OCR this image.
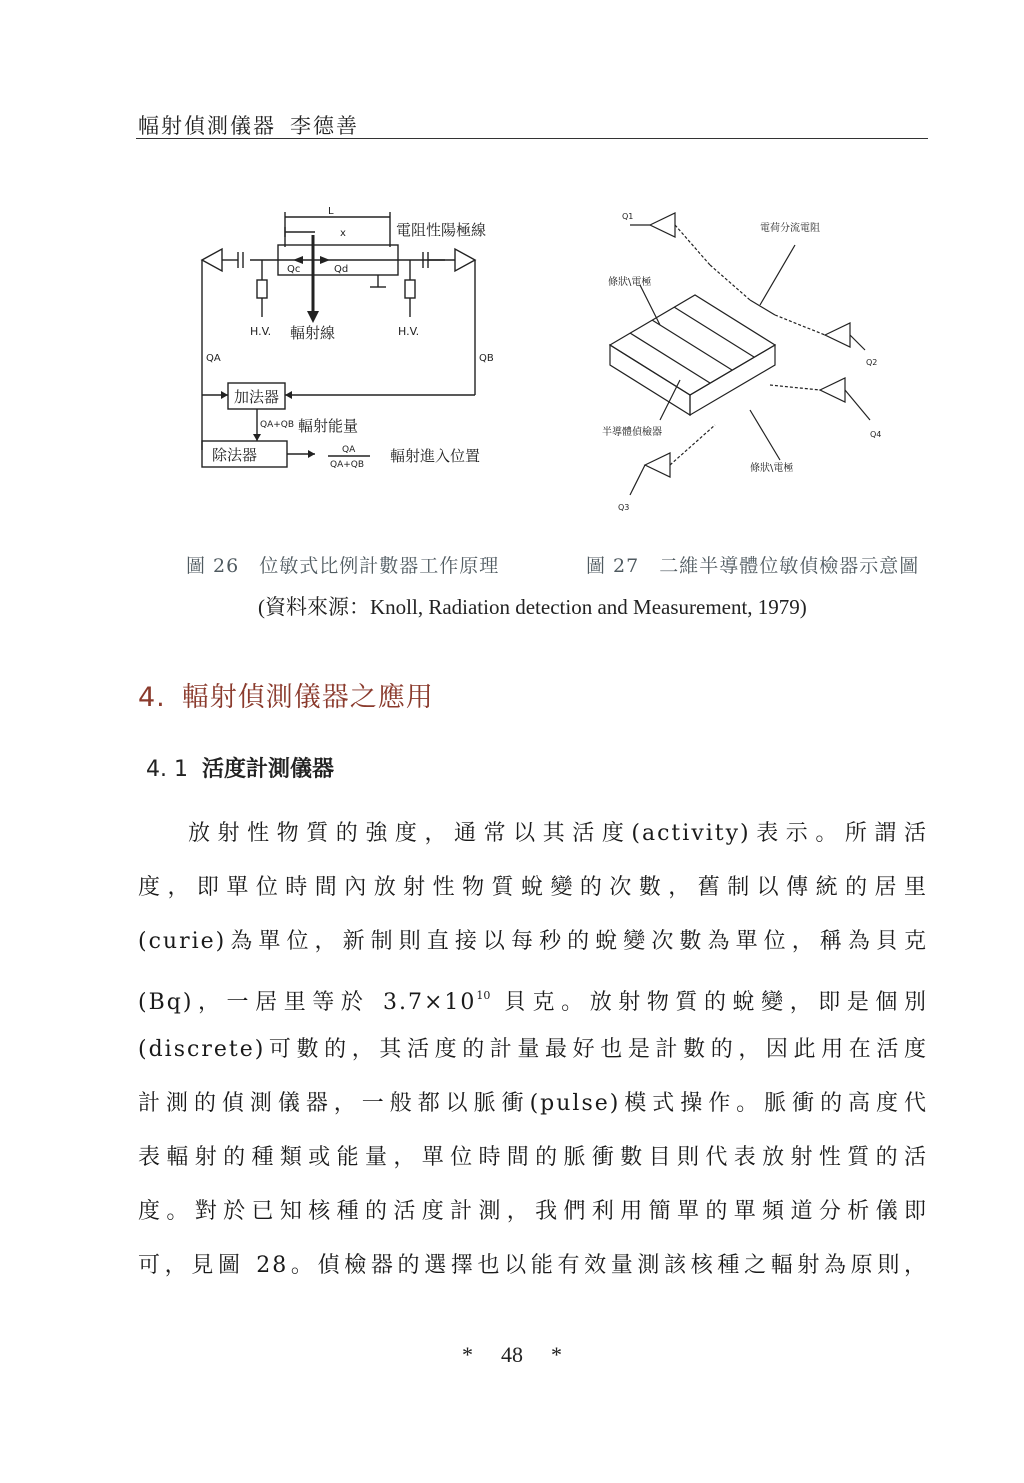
幅射偵測儀器 李德善
L
x	電阻性陽極線
Qc	Qd
H.V.	H.V.
輻射線
QA	QB
加法器
QA+QB 輻射能量
除法器	QA
QA+QB 輻射進入位置
Q1
Q2
Q3
Q4
電荷分流電阻
條狀\電極
半導體偵檢器
條狀\電極
圖 26　位敏式比例計數器工作原理	圖 27　二維半導體位敏偵檢器示意圖
(資料來源：Knoll, Radiation detection and Measurement, 1979)
4. 輻射偵測儀器之應用
4. 1 活度計測儀器
放射性物質的強度，通常以其活度(activity)表示。所謂活
度，即單位時間內放射性物質蛻變的次數，舊制以傳統的居里
(curie)為單位，新制則直接以每秒的蛻變次數為單位，稱為貝克
(Bq)，一居里等於 $3.7\times 10^{10}$ 貝克。放射物質的蛻變，即是個別
(discrete)可數的，其活度的計量最好也是計數的，因此用在活度
計測的偵測儀器，一般都以脈衝(pulse)模式操作。脈衝的高度代
表輻射的種類或能量，單位時間的脈衝數目則代表放射性質的活
度。對於已知核種的活度計測，我們利用簡單的單頻道分析儀即
可，見圖 28。偵檢器的選擇也以能有效量測該核種之輻射為原則，
* 48 *
